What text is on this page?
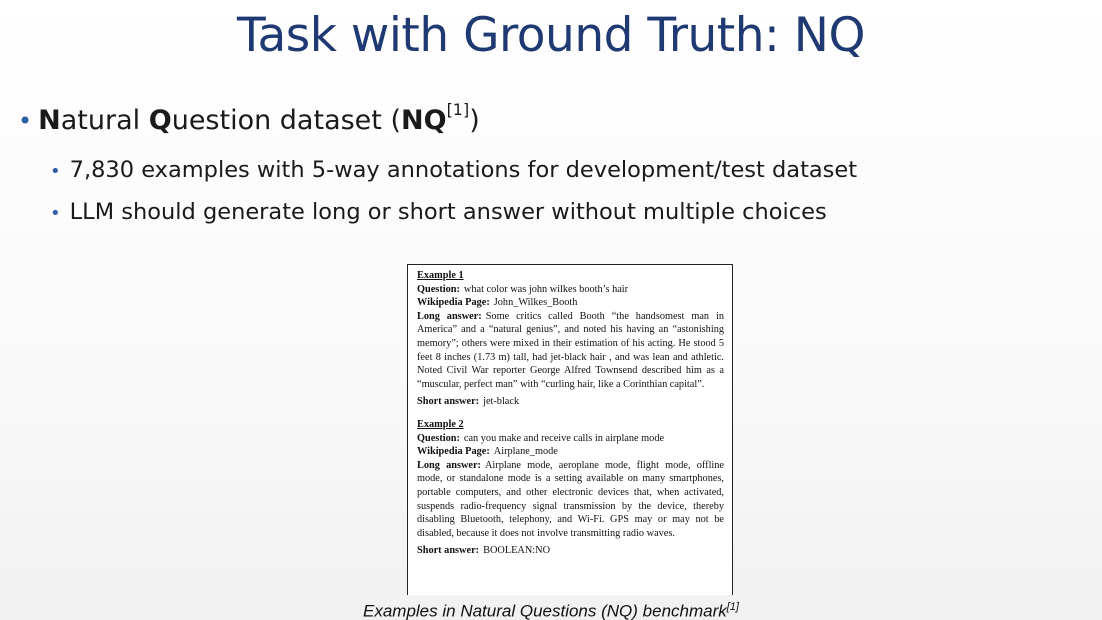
Task with Ground Truth: NQ
• Natural Question dataset (NQ[1])
• 7,830 examples with 5-way annotations for development/test dataset
• LLM should generate long or short answer without multiple choices
Example 1
Question: what color was john wilkes booth’s hair
Wikipedia Page: John_Wilkes_Booth
Long answer: Some critics called Booth “the handsomest man in America” and a “natural genius”, and noted his having an “astonishing memory”; others were mixed in their estimation of his acting. He stood 5 feet 8 inches (1.73 m) tall, had jet-black hair , and was lean and athletic. Noted Civil War reporter George Alfred Townsend described him as a “muscular, perfect man” with “curling hair, like a Corinthian capital”.
Short answer: jet-black
Example 2
Question: can you make and receive calls in airplane mode
Wikipedia Page: Airplane_mode
Long answer: Airplane mode, aeroplane mode, flight mode, offline mode, or standalone mode is a setting available on many smartphones, portable computers, and other electronic devices that, when activated, suspends radio-frequency signal transmission by the device, thereby disabling Bluetooth, telephony, and Wi-Fi. GPS may or may not be disabled, because it does not involve transmitting radio waves.
Short answer: BOOLEAN:NO
Examples in Natural Questions (NQ) benchmark[1]
